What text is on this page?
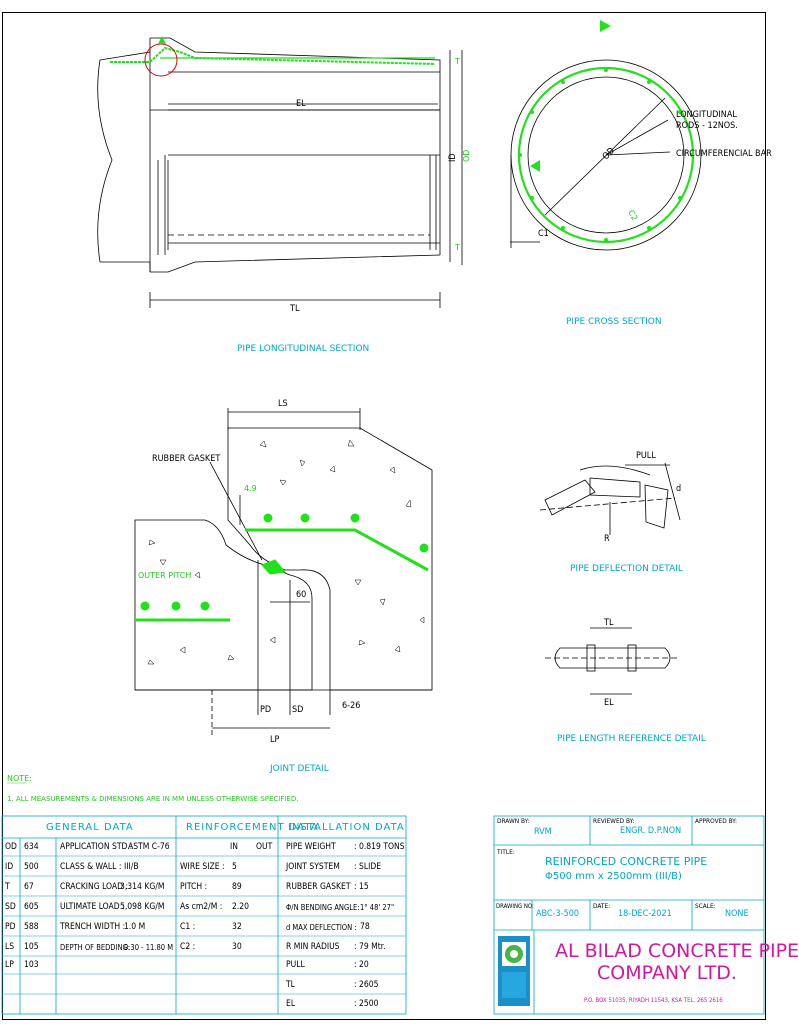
EL
TL
ID OD
T
T
PIPE LONGITUDINAL SECTION
OD
LONGITUDINAL
RODS - 12NOS.
CIRCUMFERENCIAL BAR
C1
C2
PIPE CROSS SECTION
LS
RUBBER GASKET
4.9
OUTER PITCH
60
PD SD
LP
6-26
JOINT DETAIL
PULL
d
R
PIPE DEFLECTION DETAIL
TL
EL
PIPE LENGTH REFERENCE DETAIL
NOTE:
1. ALL MEASUREMENTS & DIMENSIONS ARE IN MM UNLESS OTHERWISE SPECIFIED.
GENERAL DATA	REINFORCEMENT DATA
INSTALLATION DATA
IN OUT
OD 634
ID 500
T 67
SD 605
PD 588
LS 105
LP 103
APPLICATION STD.:
ASTM C-76
CLASS & WALL : III/B
CRACKING LOAD :
3,314 KG/M
ULTIMATE LOAD :
5,098 KG/M
TRENCH WIDTH :
1.0 M
DEPTH OF BEDDING:
0.30 - 11.80 M
WIRE SIZE : 5
PITCH :	89
As cm2/M : 2.20
C1 :	32
C2 :	30
PIPE WEIGHT : 0.819 TONS
JOINT SYSTEM : SLIDE
RUBBER GASKET : 15
Φ/N BENDING ANGLE: 1° 48' 27"
d MAX DEFLECTION : 78
R MIN RADIUS : 79 Mtr.
PULL	: 20
TL	: 2605
EL	: 2500
DRAWN BY:
RVM
REVIEWED BY:
ENGR. D.P.NON
APPROVED BY:
TITLE:
REINFORCED CONCRETE PIPE
Φ500 mm x 2500mm (III/B)
DRAWING NO:
ABC-3-500
DATE:
18-DEC-2021
SCALE:
NONE
AL BILAD CONCRETE PIPE
COMPANY LTD.
P.O. BOX 51035, RIYADH 11543, KSA TEL. 265 2616
